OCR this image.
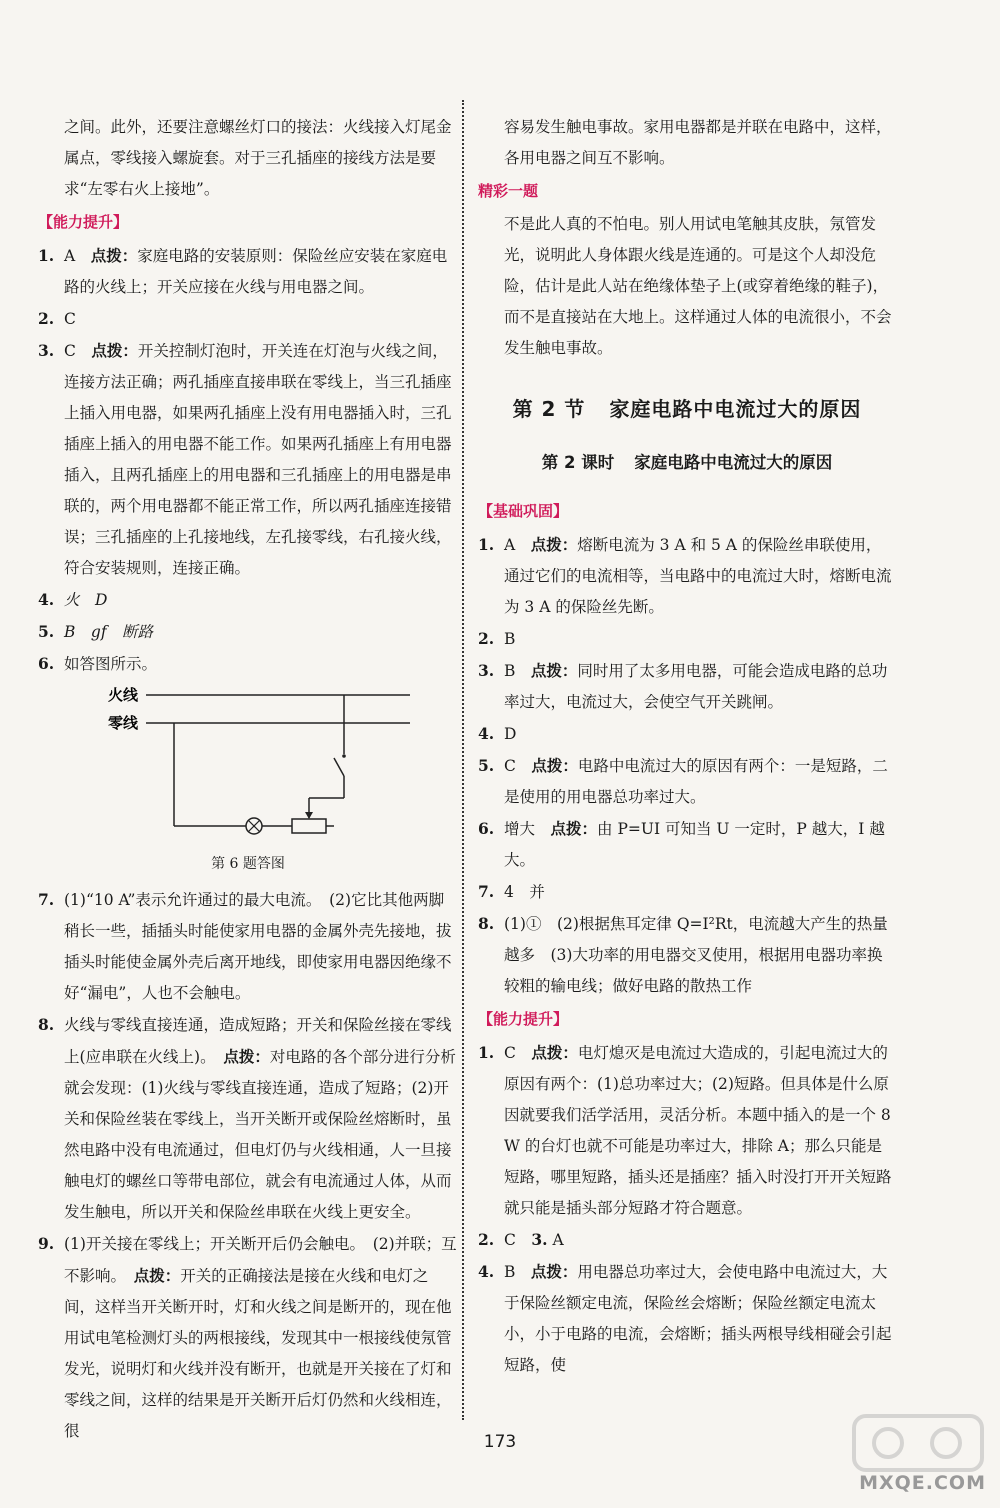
之间。此外，还要注意螺丝灯口的接法：火线接入灯尾金属点，零线接入螺旋套。对于三孔插座的接线方法是要求“左零右火上接地”。

【能力提升】

1. A　 点拨：家庭电路的安装原则：保险丝应安装在家庭电路的火线上；开关应接在火线与用电器之间。

2. C

3. C　 点拨：开关控制灯泡时，开关连在灯泡与火线之间，连接方法正确；两孔插座直接串联在零线上，当三孔插座上插入用电器，如果两孔插座上没有用电器插入时，三孔插座上插入的用电器不能工作。如果两孔插座上有用电器插入，且两孔插座上的用电器和三孔插座上的用电器是串联的，两个用电器都不能正常工作，所以两孔插座连接错误；三孔插座的上孔接地线，左孔接零线，右孔接火线，符合安装规则，连接正确。

4. 火　D

5. B　gf　断路

6. 如答图所示。

火线
零线
第 6 题答图

7. (1)“10 A”表示允许通过的最大电流。　(2)它比其他两脚稍长一些，插插头时能使家用电器的金属外壳先接地，拔插头时能使金属外壳后离开地线，即使家用电器因绝缘不好“漏电”，人也不会触电。

8. 火线与零线直接连通，造成短路；开关和保险丝接在零线上(应串联在火线上)。　 点拨：对电路的各个部分进行分析就会发现：(1)火线与零线直接连通，造成了短路；(2)开关和保险丝装在零线上，当开关断开或保险丝熔断时，虽然电路中没有电流通过，但电灯仍与火线相通，人一旦接触电灯的螺丝口等带电部位，就会有电流通过人体，从而发生触电，所以开关和保险丝串联在火线上更安全。

9. (1)开关接在零线上；开关断开后仍会触电。　(2)并联；互不影响。　 点拨：开关的正确接法是接在火线和电灯之间，这样当开关断开时，灯和火线之间是断开的，现在他用试电笔检测灯头的两根接线，发现其中一根接线使氖管发光，说明灯和火线并没有断开，也就是开关接在了灯和零线之间，这样的结果是开关断开后灯仍然和火线相连，很

容易发生触电事故。家用电器都是并联在电路中，这样，各用电器之间互不影响。

精彩一题

不是此人真的不怕电。别人用试电笔触其皮肤，氖管发光，说明此人身体跟火线是连通的。可是这个人却没危险，估计是此人站在绝缘体垫子上(或穿着绝缘的鞋子)，而不是直接站在大地上。这样通过人体的电流很小，不会发生触电事故。

第 2 节 家庭电路中电流过大的原因
第 2 课时 家庭电路中电流过大的原因
【基础巩固】

1. A　 点拨：熔断电流为 3 A 和 5 A 的保险丝串联使用，通过它们的电流相等，当电路中的电流过大时，熔断电流为 3 A 的保险丝先断。

2. B

3. B　 点拨：同时用了太多用电器，可能会造成电路的总功率过大，电流过大，会使空气开关跳闸。

4. D

5. C　 点拨：电路中电流过大的原因有两个：一是短路，二是使用的用电器总功率过大。

6. 增大　 点拨：由 P=UI 可知当 U 一定时，P 越大，I 越大。

7. 4　并

8. (1)①　(2)根据焦耳定律 Q=I²Rt，电流越大产生的热量越多　(3)大功率的用电器交叉使用，根据用电器功率换较粗的输电线；做好电路的散热工作

【能力提升】

1. C　 点拨：电灯熄灭是电流过大造成的，引起电流过大的原因有两个：(1)总功率过大；(2)短路。但具体是什么原因就要我们活学活用，灵活分析。本题中插入的是一个 8 W 的台灯也就不可能是功率过大，排除 A；那么只能是短路，哪里短路，插头还是插座？插入时没打开开关短路就只能是插头部分短路才符合题意。

2. C　3. A

4. B　 点拨：用电器总功率过大，会使电路中电流过大，大于保险丝额定电流，保险丝会熔断；保险丝额定电流太小，小于电路的电流，会熔断；插头两根导线相碰会引起短路，使

173
MXQE.COM
